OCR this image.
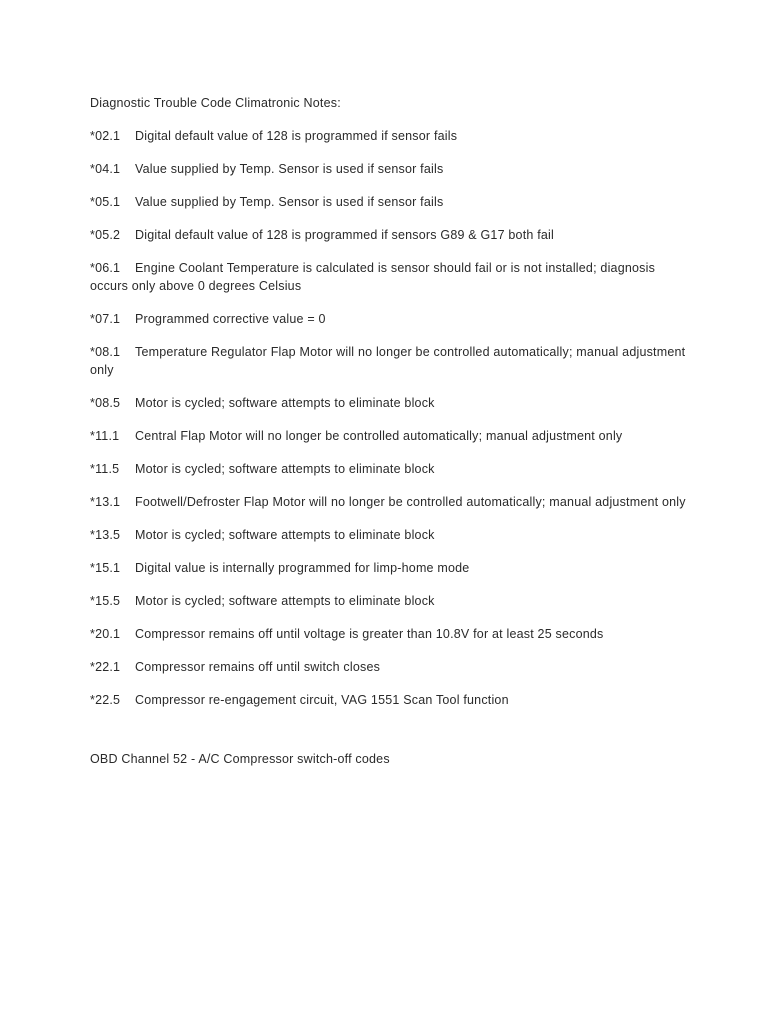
Diagnostic Trouble Code Climatronic Notes:

*02.1 Digital default value of 128 is programmed if sensor fails
*04.1 Value supplied by Temp. Sensor is used if sensor fails
*05.1 Value supplied by Temp. Sensor is used if sensor fails
*05.2 Digital default value of 128 is programmed if sensors G89 & G17 both fail
*06.1 Engine Coolant Temperature is calculated is sensor should fail or is not installed; diagnosis occurs only above 0 degrees Celsius
*07.1 Programmed corrective value = 0
*08.1 Temperature Regulator Flap Motor will no longer be controlled automatically; manual adjustment only
*08.5 Motor is cycled; software attempts to eliminate block
*11.1 Central Flap Motor will no longer be controlled automatically; manual adjustment only
*11.5 Motor is cycled; software attempts to eliminate block
*13.1 Footwell/Defroster Flap Motor will no longer be controlled automatically; manual adjustment only
*13.5 Motor is cycled; software attempts to eliminate block
*15.1 Digital value is internally programmed for limp-home mode
*15.5 Motor is cycled; software attempts to eliminate block
*20.1 Compressor remains off until voltage is greater than 10.8V for at least 25 seconds
*22.1 Compressor remains off until switch closes
*22.5 Compressor re-engagement circuit, VAG 1551 Scan Tool function

OBD Channel 52 - A/C Compressor switch-off codes
